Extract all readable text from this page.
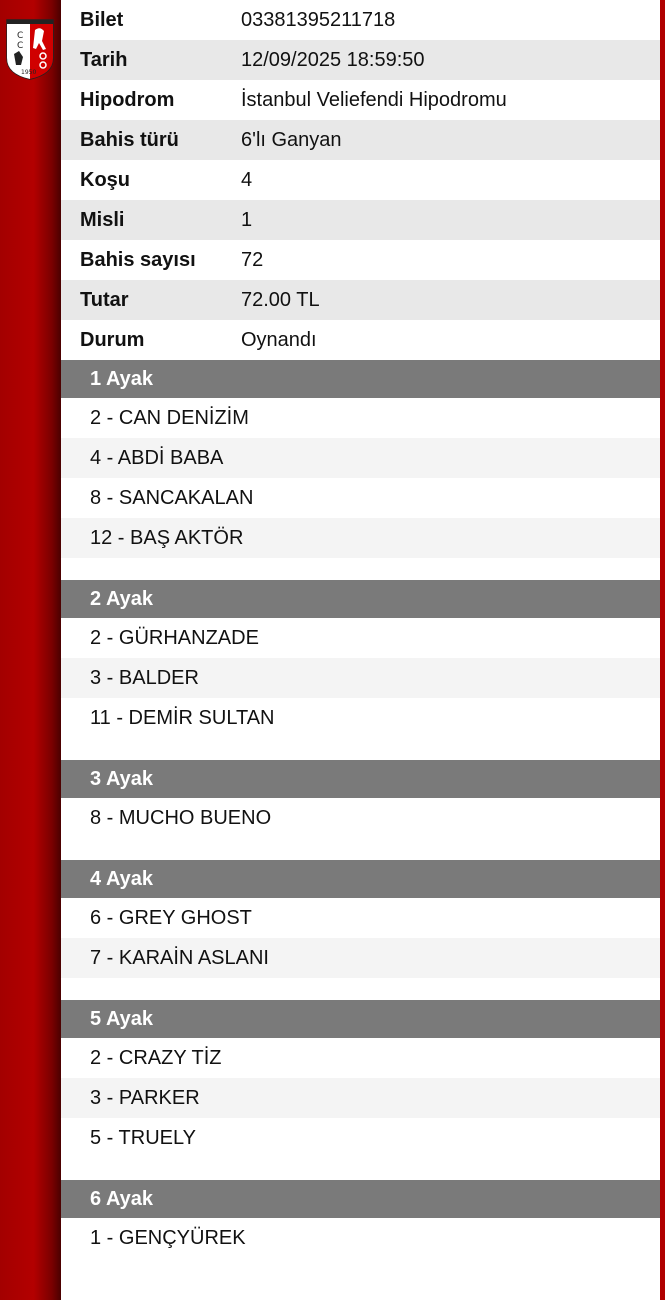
C
C
1950
Bilet	03381395211718
Tarih	12/09/2025 18:59:50
Hipodrom	İstanbul Veliefendi Hipodromu
Bahis türü	6'lı Ganyan
Koşu	4
Misli	1
Bahis sayısı	72
Tutar	72.00 TL
Durum	Oynandı
1 Ayak
2 - CAN DENİZİM
4 - ABDİ BABA
8 - SANCAKALAN
12 - BAŞ AKTÖR
2 Ayak
2 - GÜRHANZADE
3 - BALDER
11 - DEMİR SULTAN
3 Ayak
8 - MUCHO BUENO
4 Ayak
6 - GREY GHOST
7 - KARAİN ASLANI
5 Ayak
2 - CRAZY TİZ
3 - PARKER
5 - TRUELY
6 Ayak
1 - GENÇYÜREK
